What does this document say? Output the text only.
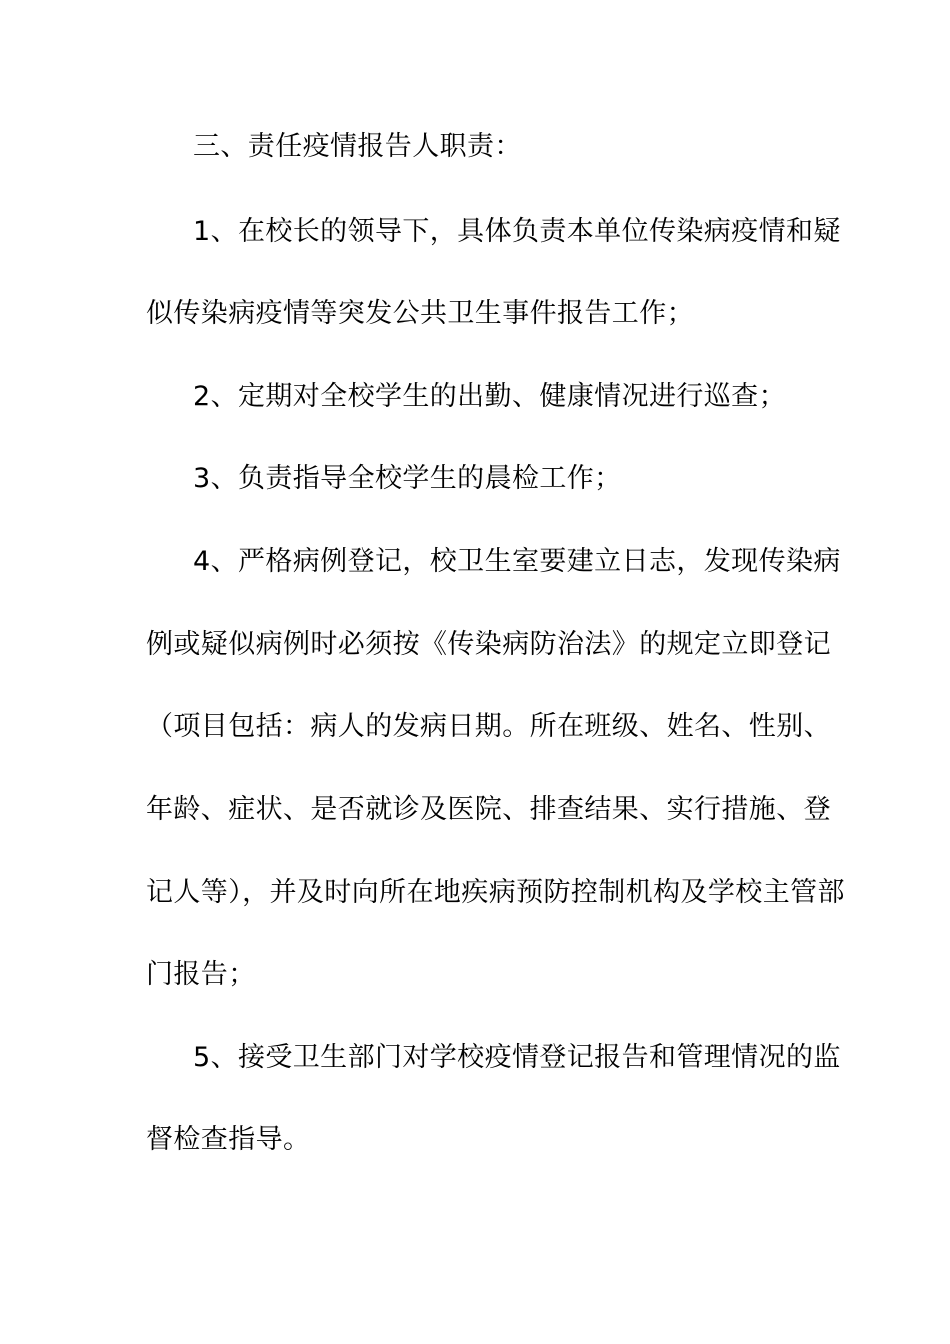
三、责任疫情报告人职责：
1、在校长的领导下，具体负责本单位传染病疫情和疑
似传染病疫情等突发公共卫生事件报告工作；
2、定期对全校学生的出勤、健康情况进行巡查；
3、负责指导全校学生的晨检工作；
4、严格病例登记，校卫生室要建立日志，发现传染病
例或疑似病例时必须按《传染病防治法》的规定立即登记
（项目包括：病人的发病日期。所在班级、姓名、性别、
年龄、症状、是否就诊及医院、排查结果、实行措施、登
记人等），并及时向所在地疾病预防控制机构及学校主管部
门报告；
5、接受卫生部门对学校疫情登记报告和管理情况的监
督检查指导。
